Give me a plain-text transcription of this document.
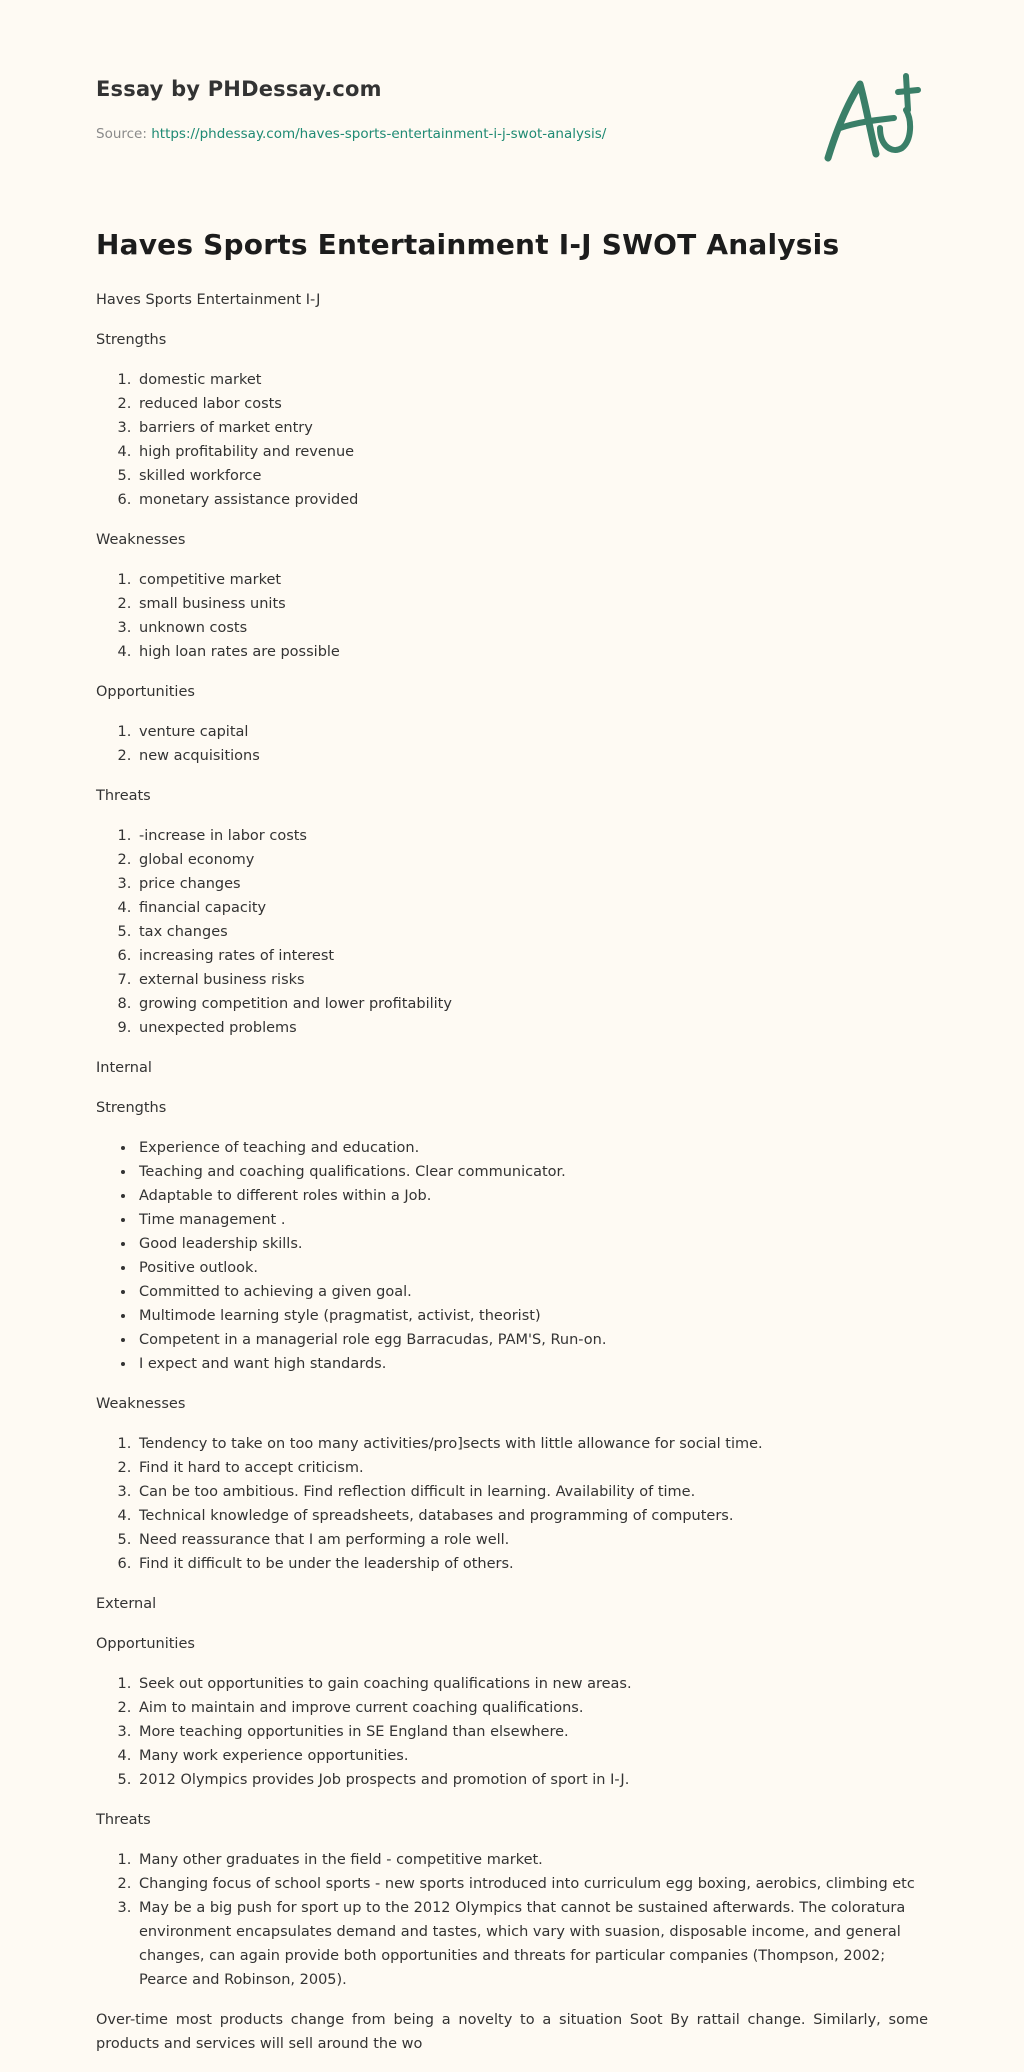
Essay by PHDessay.com
Source: https://phdessay.com/haves-sports-entertainment-i-j-swot-analysis/
Haves Sports Entertainment I-J SWOT Analysis

Haves Sports Entertainment I-J

Strengths

1. domestic market
2. reduced labor costs
3. barriers of market entry
4. high profitability and revenue
5. skilled workforce
6. monetary assistance provided

Weaknesses

1. competitive market
2. small business units
3. unknown costs
4. high loan rates are possible

Opportunities

1. venture capital
2. new acquisitions

Threats

1. -increase in labor costs
2. global economy
3. price changes
4. financial capacity
5. tax changes
6. increasing rates of interest
7. external business risks
8. growing competition and lower profitability
9. unexpected problems

Internal

Strengths

• Experience of teaching and education.
• Teaching and coaching qualifications. Clear communicator.
• Adaptable to different roles within a Job.
• Time management .
• Good leadership skills.
• Positive outlook.
• Committed to achieving a given goal.
• Multimode learning style (pragmatist, activist, theorist)
• Competent in a managerial role egg Barracudas, PAM'S, Run-on.
• I expect and want high standards.

Weaknesses

1. Tendency to take on too many activities/pro]sects with little allowance for social time.
2. Find it hard to accept criticism.
3. Can be too ambitious. Find reflection difficult in learning. Availability of time.
4. Technical knowledge of spreadsheets, databases and programming of computers.
5. Need reassurance that I am performing a role well.
6. Find it difficult to be under the leadership of others.

External

Opportunities

1. Seek out opportunities to gain coaching qualifications in new areas.
2. Aim to maintain and improve current coaching qualifications.
3. More teaching opportunities in SE England than elsewhere.
4. Many work experience opportunities.
5. 2012 Olympics provides Job prospects and promotion of sport in I-J.

Threats

1. Many other graduates in the field - competitive market.
2. Changing focus of school sports - new sports introduced into curriculum egg boxing, aerobics, climbing etc
3. May be a big push for sport up to the 2012 Olympics that cannot be sustained afterwards. The coloratura environment encapsulates demand and tastes, which vary with suasion, disposable income, and general changes, can again provide both opportunities and threats for particular companies (Thompson, 2002; Pearce and Robinson, 2005).

Over-time most products change from being a novelty to a situation Soot By rattail change. Similarly, some products and services will sell around the wo
